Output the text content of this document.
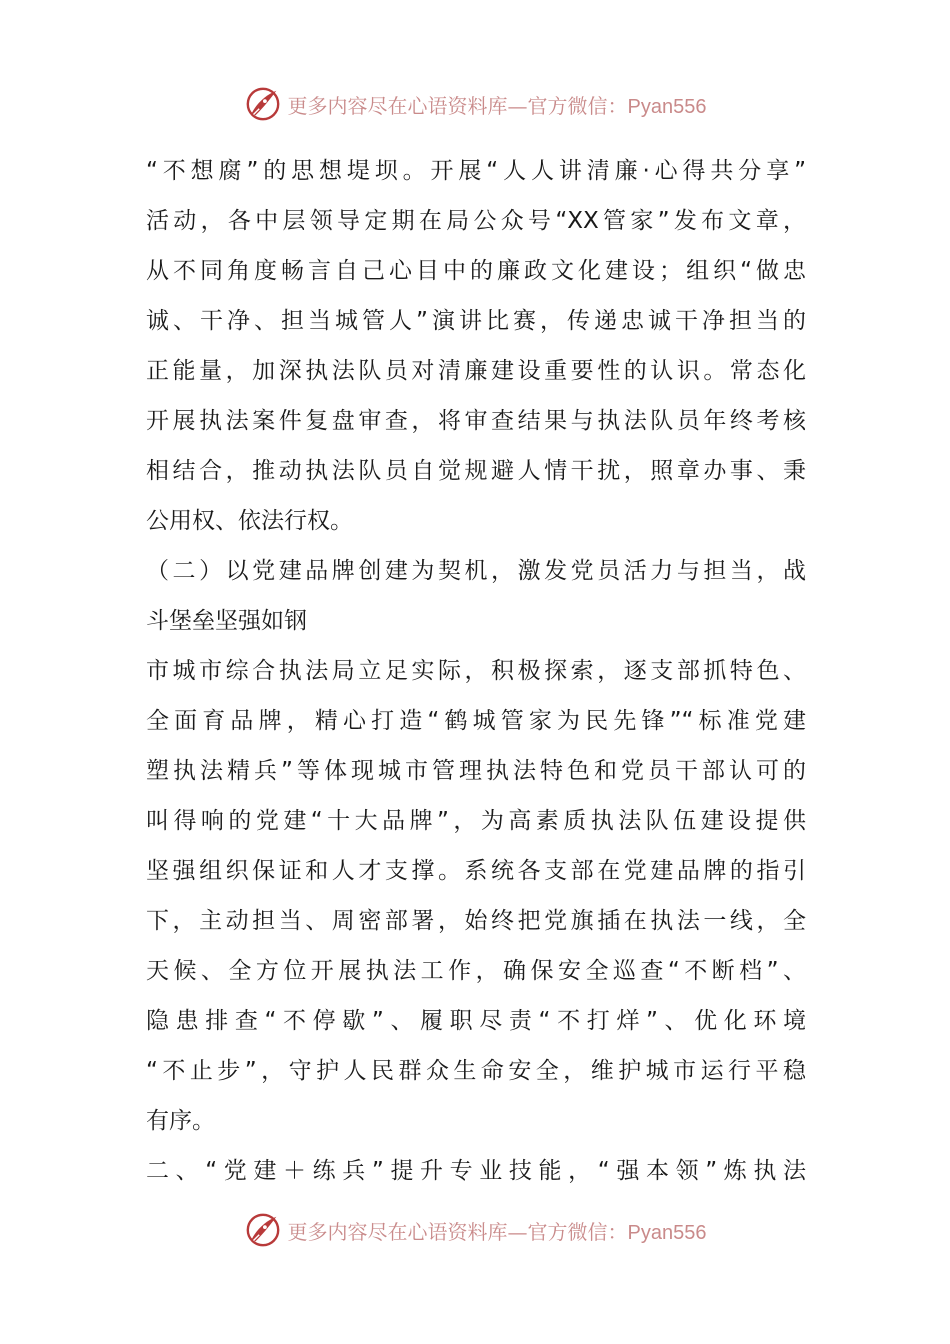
更多内容尽在心语资料库—官方微信：Pyan556
“不想腐”的思想堤坝。开展“人人讲清廉·心得共分享”
活动，各中层领导定期在局公众号“XX管家”发布文章，
从不同角度畅言自己心目中的廉政文化建设；组织“做忠
诚、干净、担当城管人”演讲比赛，传递忠诚干净担当的
正能量，加深执法队员对清廉建设重要性的认识。常态化
开展执法案件复盘审查，将审查结果与执法队员年终考核
相结合，推动执法队员自觉规避人情干扰，照章办事、秉
公用权、依法行权。
（二）以党建品牌创建为契机，激发党员活力与担当，战
斗堡垒坚强如钢
市城市综合执法局立足实际，积极探索，逐支部抓特色、
全面育品牌，精心打造“鹤城管家为民先锋”“标准党建
塑执法精兵”等体现城市管理执法特色和党员干部认可的
叫得响的党建“十大品牌”，为高素质执法队伍建设提供
坚强组织保证和人才支撑。系统各支部在党建品牌的指引
下，主动担当、周密部署，始终把党旗插在执法一线，全
天候、全方位开展执法工作，确保安全巡查“不断档”、
隐患排查“不停歇”、履职尽责“不打烊”、优化环境
“不止步”，守护人民群众生命安全，维护城市运行平稳
有序。
二、“党建＋练兵”提升专业技能，“强本领”炼执法
更多内容尽在心语资料库—官方微信：Pyan556
